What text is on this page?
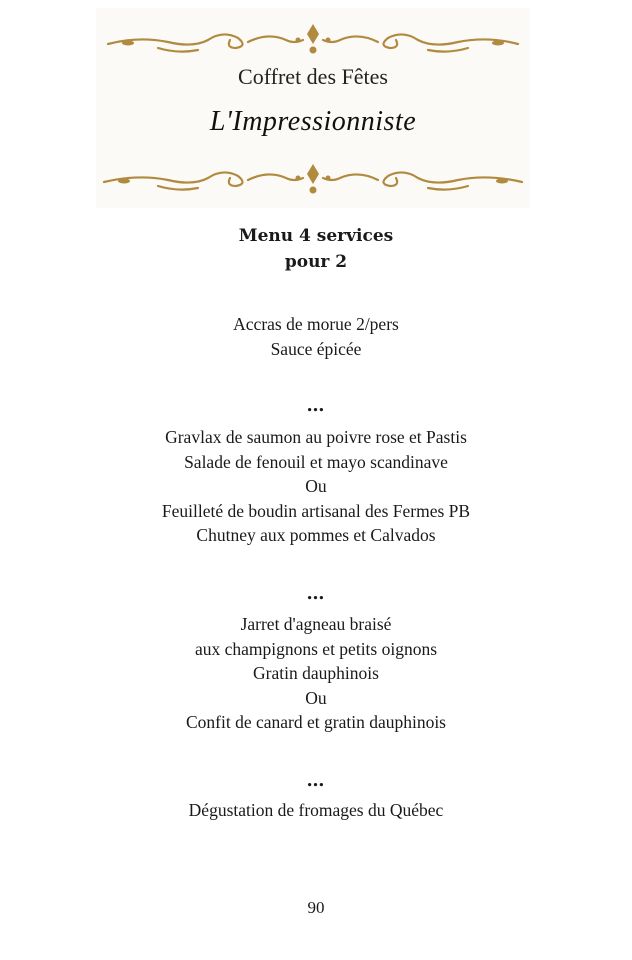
Coffret des Fêtes
L'Impressionniste
Menu 4 services
pour 2
Accras de morue 2/pers
Sauce épicée
…
Gravlax de saumon au poivre rose et Pastis
Salade de fenouil et mayo scandinave
Ou
Feuilleté de boudin artisanal des Fermes PB
Chutney aux pommes et Calvados
…
Jarret d'agneau braisé
aux champignons et petits oignons
Gratin dauphinois
Ou
Confit de canard et gratin dauphinois
…
Dégustation de fromages du Québec
90
